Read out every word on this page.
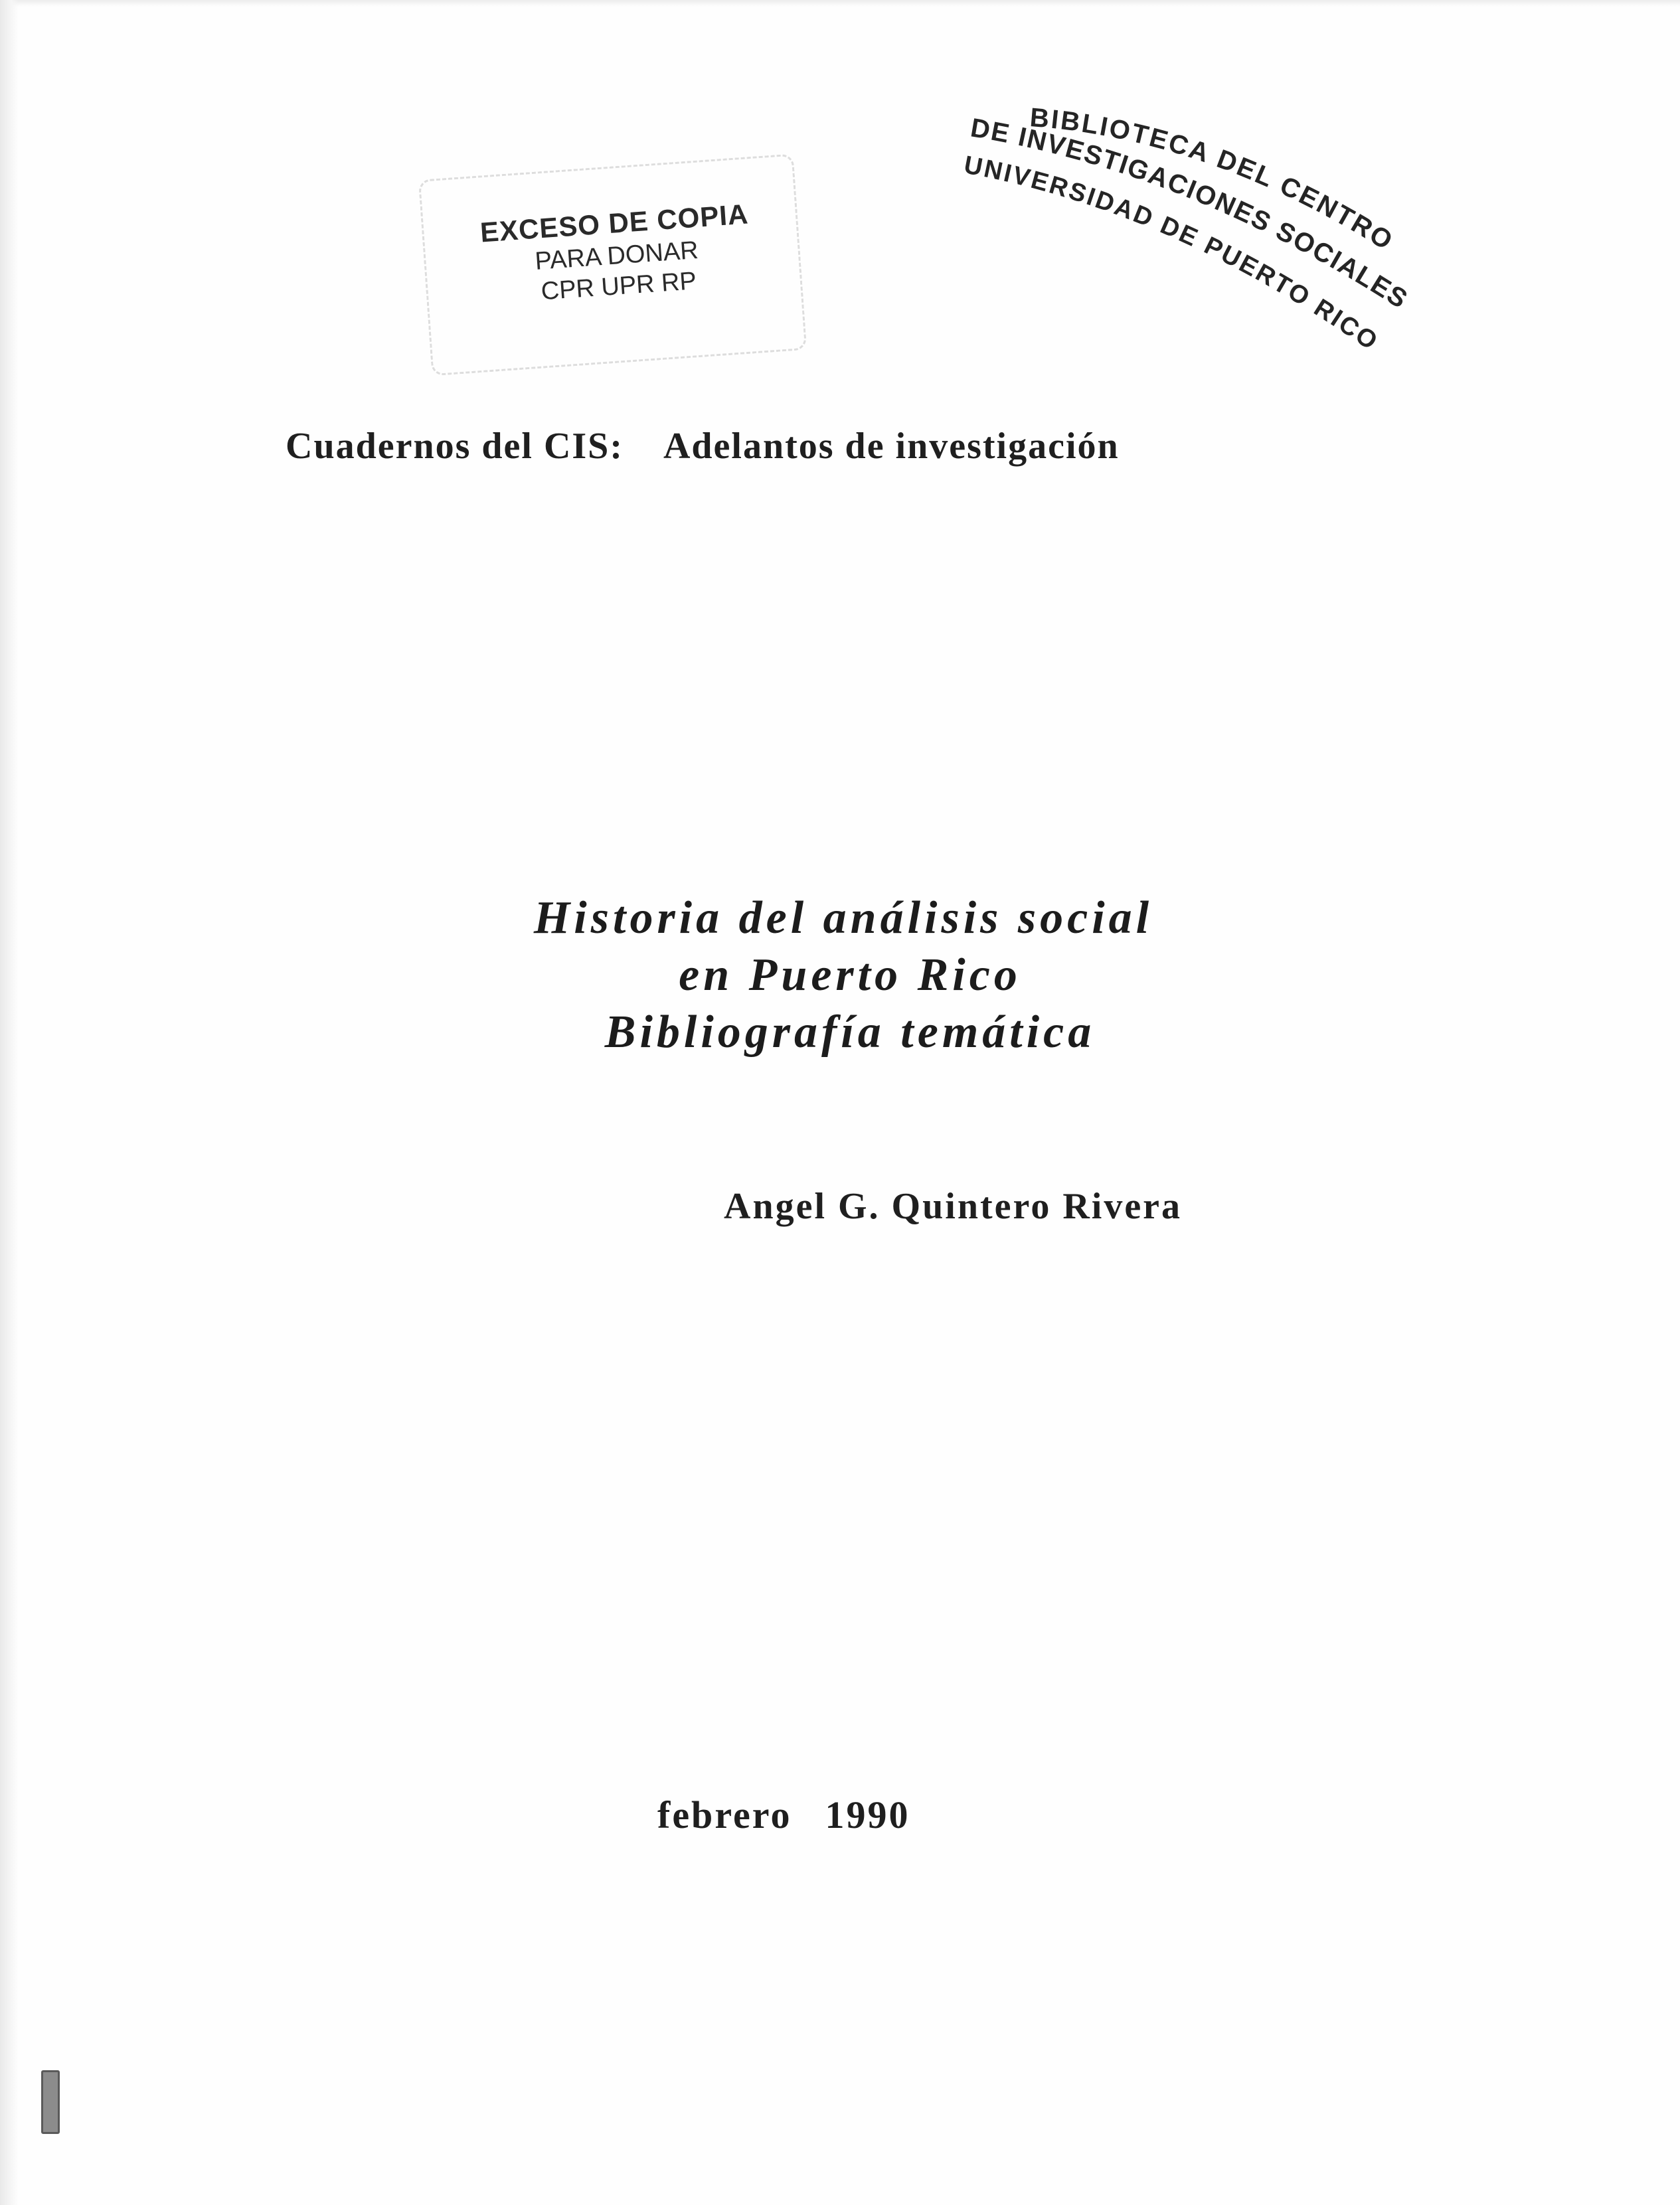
EXCESO DE COPIA
PARA DONAR
CPR UPR RP
BIBLIOTECA DEL CENTRO
DE INVESTIGACIONES SOCIALES
UNIVERSIDAD DE PUERTO RICO
Cuadernos del CIS: Adelantos de investigación
Historia del análisis social
en Puerto Rico
Bibliografía temática
Angel G. Quintero Rivera
febrero 1990
